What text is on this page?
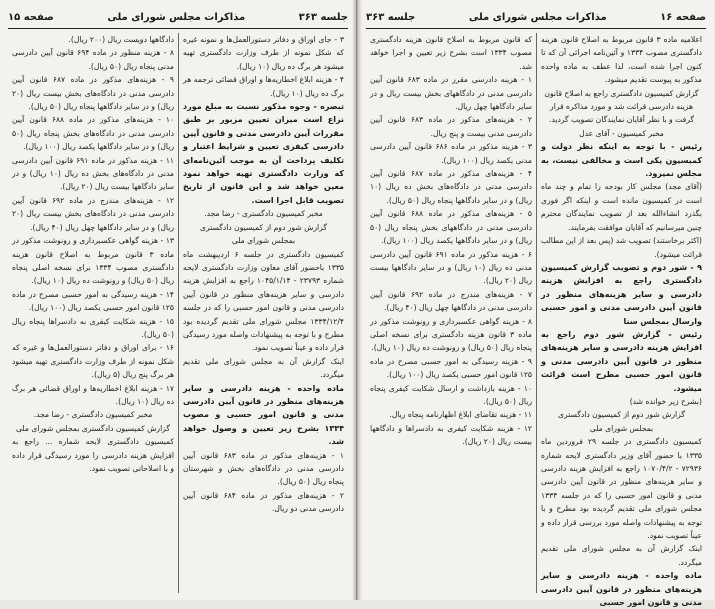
جلسه ۳۶۳
مذاکرات مجلس شورای ملی
صفحه ۱۵

۳ - جای اوراق و دفاتر دستورالعمل‌ها و نمونه غیره که شکل نمونه از طرف وزارت دادگستری تهیه میشود هر برگ ده ریال (۱۰ ریال).

۴ - هزینه ابلاغ اخطاریه‌ها و اوراق قضائی ترجمه هر برگ ده ریال (۱۰ ریال).

تبصره - وجوه مذکور نسبت به مبلغ مورد نزاع است میزان تعیین مزبور بر طبق مقررات آیین دادرسی مدنی و قانون آیین دادرسی کیفری تعیین و شرایط اعتبار و تکلیف پرداخت آن به موجب آئین‌نامه‌ای که وزارت دادگستری تهیه خواهد نمود معین خواهد شد و این قانون از تاریخ تصویب قابل اجرا است.

مخبر کمیسیون دادگستری - رضا مجد.

گزارش شور دوم از کمیسیون دادگستری

بمجلس شورای ملی

کمیسیون دادگستری در جلسه ۶ اردیبهشت ماه ۱۳۳۵ باحضور آقای معاون وزارت دادگستری لایحه شماره ۲۳۷۹۳ - ۱۰۴۵/۱/۱۴ راجع به افزایش هزینه دادرسی و سایر هزینه‌های منظور در قانون آیین دادرسی مدنی و قانون امور حسبی را که در جلسه ۱۳۳۴/۱۲/۴ مجلس شورای ملی تقدیم گردیده بود مطرح و با توجه به پیشنهادات واصله مورد رسیدگی قرار داده و عیناً تصویب نمود.

اینک گزارش آن به مجلس شورای ملی تقدیم میگردد.

ماده واحده - هزینه دادرسی و سایر هزینه‌های منظور در قانون آیین دادرسی مدنی و قانون امور حسبی و مصوب ۱۳۳۴ بشرح زیر تعیین و وصول خواهد شد.

۱ - هزینه‌های مذکور در ماده ۶۸۳ قانون آیین دادرسی مدنی در دادگاه‌های بخش و شهرستان پنجاه ریال (۵۰ ریال).

۲ - هزینه‌های مذکور در ماده ۶۸۴ قانون آیین دادرسی مدنی دو ریال.

دادگاهها دویست ریال (۲۰۰ ریال).

۸ - هزینه منظور در ماده ۶۹۴ قانون آیین دادرسی مدنی پنجاه ریال (۵۰ ریال).

۹ - هزینه‌های مذکور در ماده ۶۸۷ قانون آیین دادرسی مدنی در دادگاه‌های بخش بیست ریال (۲۰ ریال) و در سایر دادگاهها پنجاه ریال (۵۰ ریال).

۱۰ - هزینه‌های مذکور در ماده ۶۸۸ قانون آیین دادرسی مدنی در دادگاه‌های بخش پنجاه ریال (۵۰ ریال) و در سایر دادگاهها یکصد ریال (۱۰۰ ریال).

۱۱ - هزینه مذکور در ماده ۶۹۱ قانون آیین دادرسی مدنی در دادگاه‌های بخش ده ریال (۱۰ ریال) و در سایر دادگاهها بیست ریال (۲۰ ریال).

۱۲ - هزینه‌های مندرج در ماده ۶۹۲ قانون آیین دادرسی مدنی در دادگاه‌های بخش بیست ریال (۲۰ ریال) و در سایر دادگاهها چهل ریال (۴۰ ریال).

۱۳ - هزینه گواهی عکسبرداری و رونوشت مذکور در ماده ۳ قانون مربوط به اصلاح قانون هزینه دادگستری مصوب ۱۳۳۴ برای نسخه اصلی پنجاه ریال (۵۰ ریال) و رونوشت ده ریال (۱۰ ریال).

۱۴ - هزینه رسیدگی به امور حسبی مصرح در ماده ۱۲۵ قانون امور حسبی یکصد ریال (۱۰۰ ریال).

۱۵ - هزینه شکایت کیفری به دادسراها پنجاه ریال (۵۰ ریال).

۱۶ - برای اوراق و دفاتر دستورالعمل‌ها و غیره که شکل نمونه از طرف وزارت دادگستری تهیه میشود هر برگ پنج ریال (۵ ریال).

۱۷ - هزینه ابلاغ اخطاریه‌ها و اوراق قضائی هر برگ ده ریال (۱۰ ریال).

مخبر کمیسیون دادگستری - رضا مجد.

گزارش کمیسیون دادگستری بمجلس شورای ملی

کمیسیون دادگستری لایحه شماره ... راجع به افزایش هزینه دادرسی را مورد رسیدگی قرار داده و با اصلاحاتی تصویب نمود.

صفحه ۱۶
مذاکرات مجلس شورای ملی
جلسه ۳۶۳

اعلامیه ماده ۳ قانون مربوط به اصلاح قانون هزینه دادگستری مصوب ۱۳۳۴ و آئین‌نامه اجرائی آن که تا کنون اجرا شده است، لذا عطف به ماده واحده مذکور به پیوست تقدیم میشود.

گزارش کمیسیون دادگستری راجع به اصلاح قانون هزینه دادرسی قرائت شد و مورد مذاکره قرار گرفت و با نظر آقایان نمایندگان تصویب گردید.

مخبر کمیسیون - آقای عدل

رئیس - با توجه به اینکه نظر دولت و کمیسیون یکی است و مخالفی نیست، به مجلس نمیرود.

(آقای مجد) مجلس کار بودجه را تمام و چند ماه است در کمیسیون مانده است و اینکه اگر فوری بگذرد انشاءالله بعد از تصویب نمایندگان محترم چنین میرسانیم که آقایان موافقت بفرمایند.

(اکثر برخاستند) تصویب شد (پس بعد از این مطالب قرائت میشود).

۹ - شور دوم و تصویب گزارش کمیسیون دادگستری راجع به افزایش هزینه دادرسی و سایر هزینه‌های منظور در قانون آیین دادرسی مدنی و امور حسبی وارسال بمجلس سنا

رئیس - گزارش شور دوم راجع به افزایش هزینه دادرسی و سایر هزینه‌های منظور در قانون آیین دادرسی مدنی و قانون امور حسبی مطرح است قرائت میشود.

(بشرح زیر خوانده شد)

گزارش شور دوم از کمیسیون دادگستری

بمجلس شورای ملی

کمیسیون دادگستری در جلسه ۲۹ فروردین ماه ۱۳۳۵ با حضور آقای وزیر دادگستری لایحه شماره ۷۲۹۳۶ - ۱۰۷۰/۴/۲ راجع به افزایش هزینه دادرسی و سایر هزینه‌های منظور در قانون آیین دادرسی مدنی و قانون امور حسبی را که در جلسه ۱۳۳۴ مجلس شورای ملی تقدیم گردیده بود مطرح و با توجه به پیشنهادات واصله مورد بررسی قرار داده و عیناً تصویب نمود.

اینک گزارش آن به مجلس شورای ملی تقدیم میگردد.

ماده واحده - هزینه دادرسی و سایر هزینه‌های منظور در قانون آیین دادرسی مدنی و قانون امور حسبی

که قانون مربوط به اصلاح قانون هزینه دادگستری مصوب ۱۳۳۴ است بشرح زیر تعیین و اجرا خواهد شد.

۱ - هزینه دادرسی مقرر در ماده ۶۸۳ قانون آیین دادرسی مدنی در دادگاههای بخش بیست ریال و در سایر دادگاهها چهل ریال.

۲ - هزینه‌های مذکور در ماده ۶۸۳ قانون آیین دادرسی مدنی بیست و پنج ریال.

۳ - هزینه مذکور در ماده ۶۸۶ قانون آیین دادرسی مدنی یکصد ریال (۱۰۰ ریال).

۴ - هزینه‌های مذکور در ماده ۶۸۷ قانون آیین دادرسی مدنی در دادگاه‌های بخش ده ریال (۱۰ ریال) و در سایر دادگاهها پنجاه ریال (۵۰ ریال).

۵ - هزینه‌های مذکور در ماده ۶۸۸ قانون آیین دادرسی مدنی در دادگاههای بخش پنجاه ریال (۵۰ ریال) و در سایر دادگاهها یکصد ریال (۱۰۰ ریال).

۶ - هزینه مذکور در ماده ۶۹۱ قانون آیین دادرسی مدنی ده ریال (۱۰ ریال) و در سایر دادگاهها بیست ریال (۲۰ ریال).

۷ - هزینه‌های مندرج در ماده ۶۹۲ قانون آیین دادرسی مدنی در دادگاهها چهل ریال (۴۰ ریال).

۸ - هزینه گواهی عکسبرداری و رونوشت مذکور در ماده ۳ قانون هزینه دادگستری برای نسخه اصلی پنجاه ریال (۵۰ ریال) و رونوشت ده ریال (۱۰ ریال).

۹ - هزینه رسیدگی به امور حسبی مصرح در ماده ۱۲۵ قانون امور حسبی یکصد ریال (۱۰۰ ریال).

۱۰ - هزینه بازداشت و ارسال شکایت کیفری پنجاه ریال (۵۰ ریال).

۱۱ - هزینه تقاضای ابلاغ اظهارنامه پنجاه ریال.

۱۲ - هزینه شکایت کیفری به دادسراها و دادگاهها بیست ریال (۲۰ ریال).
